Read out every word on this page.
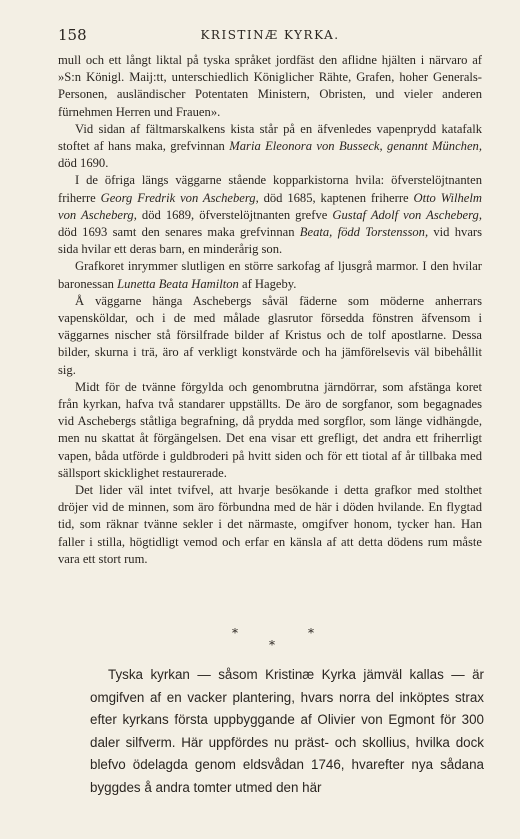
158	KRISTINÆ KYRKA.

mull och ett långt liktal på tyska språket jordfäst den aflidne hjälten i närvaro af »S:n Königl. Maij:tt, unterschiedlich Königlicher Rähte, Grafen, hoher Generals-Personen, ausländischer Potentaten Ministern, Obristen, und vieler anderen fürnehmen Herren und Frauen».

Vid sidan af fältmarskalkens kista står på en äfvenledes vapenprydd katafalk stoftet af hans maka, grefvinnan Maria Eleonora von Busseck, genannt München, död 1690.

I de öfriga längs väggarne stående kopparkistorna hvila: öfverstelöjtnanten friherre Georg Fredrik von Ascheberg, död 1685, kaptenen friherre Otto Wilhelm von Ascheberg, död 1689, öfverstelöjtnanten grefve Gustaf Adolf von Ascheberg, död 1693 samt den senares maka grefvinnan Beata, född Torstensson, vid hvars sida hvilar ett deras barn, en minderårig son.

Grafkoret inrymmer slutligen en större sarkofag af ljusgrå marmor. I den hvilar baronessan Lunetta Beata Hamilton af Hageby.

Å väggarne hänga Aschebergs såväl fäderne som möderne anherrars vapensköldar, och i de med målade glasrutor försedda fönstren äfvensom i väggarnes nischer stå försilfrade bilder af Kristus och de tolf apostlarne. Dessa bilder, skurna i trä, äro af verkligt konstvärde och ha jämförelsevis väl bibehållit sig.

Midt för de tvänne förgylda och genombrutna järndörrar, som afstänga koret från kyrkan, hafva två standarer uppställts. De äro de sorgfanor, som begagnades vid Aschebergs ståtliga begrafning, då prydda med sorgflor, som länge vidhängde, men nu skattat åt förgängelsen. Det ena visar ett grefligt, det andra ett friherrligt vapen, båda utförde i guldbroderi på hvitt siden och för ett tiotal af år tillbaka med sällsport skicklighet restaurerade.

Det lider väl intet tvifvel, att hvarje besökande i detta grafkor med stolthet dröjer vid de minnen, som äro förbundna med de här i döden hvilande. En flygtad tid, som räknar tvänne sekler i det närmaste, omgifver honom, tycker han. Han faller i stilla, högtidligt vemod och erfar en känsla af att detta dödens rum måste vara ett stort rum.

*	*
*

Tyska kyrkan — såsom Kristinæ Kyrka jämväl kallas — är omgifven af en vacker plantering, hvars norra del inköptes strax efter kyrkans första uppbyggande af Olivier von Egmont för 300 daler silfverm. Här uppfördes nu präst- och skollius, hvilka dock blefvo ödelagda genom eldsvådan 1746, hvarefter nya sådana byggdes å andra tomter utmed den här
